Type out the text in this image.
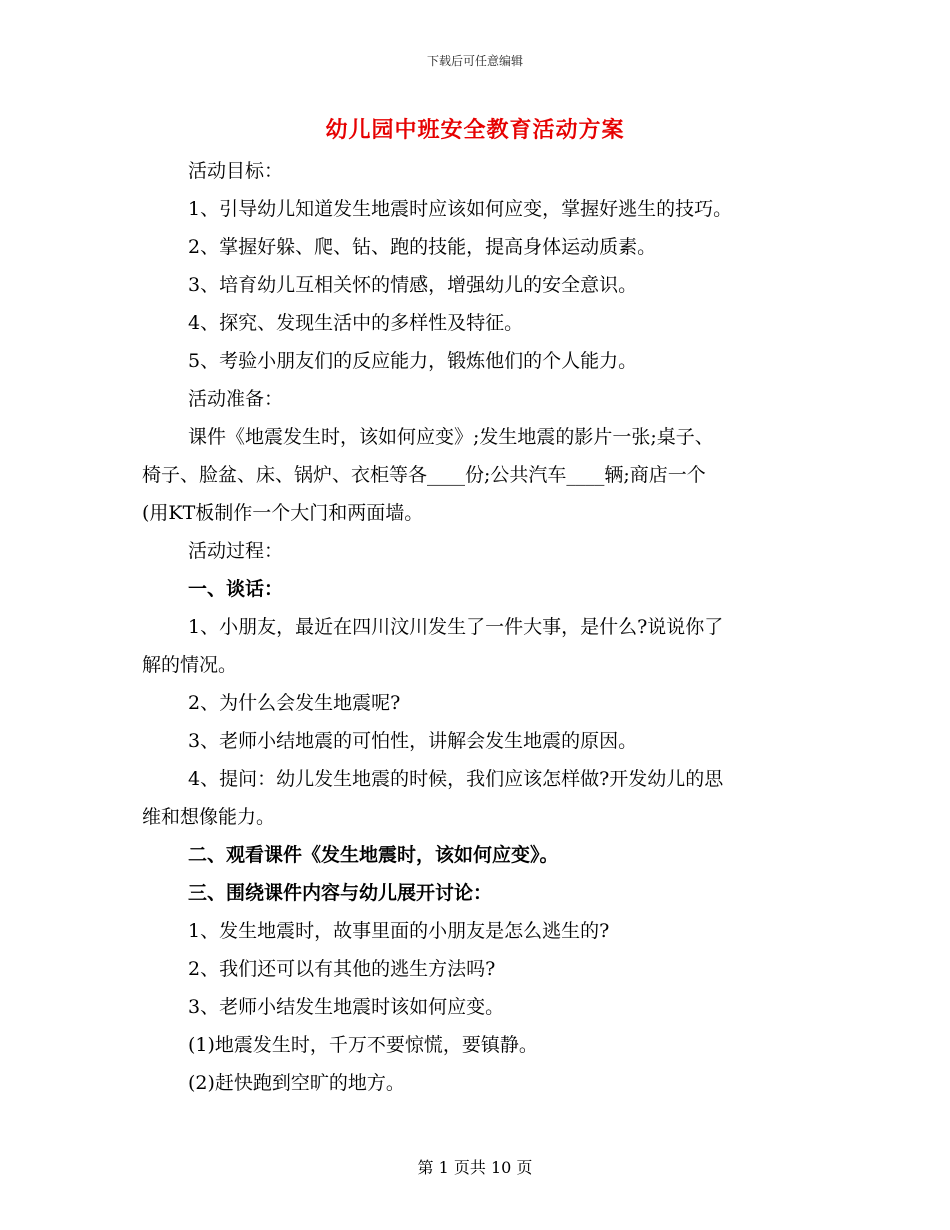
下载后可任意编辑
幼儿园中班安全教育活动方案

活动目标：

1、引导幼儿知道发生地震时应该如何应变，掌握好逃生的技巧。

2、掌握好躲、爬、钻、跑的技能，提高身体运动质素。

3、培育幼儿互相关怀的情感，增强幼儿的安全意识。

4、探究、发现生活中的多样性及特征。

5、考验小朋友们的反应能力，锻炼他们的个人能力。

活动准备：

课件《地震发生时，该如何应变》;发生地震的影片一张;桌子、

椅子、脸盆、床、锅炉、衣柜等各____份;公共汽车____辆;商店一个

(用KT板制作一个大门和两面墙。

活动过程：

一、谈话：

1、小朋友，最近在四川汶川发生了一件大事，是什么?说说你了

解的情况。

2、为什么会发生地震呢?

3、老师小结地震的可怕性，讲解会发生地震的原因。

4、提问：幼儿发生地震的时候，我们应该怎样做?开发幼儿的思

维和想像能力。

二、观看课件《发生地震时，该如何应变》。

三、围绕课件内容与幼儿展开讨论：

1、发生地震时，故事里面的小朋友是怎么逃生的?

2、我们还可以有其他的逃生方法吗?

3、老师小结发生地震时该如何应变。

(1)地震发生时，千万不要惊慌，要镇静。

(2)赶快跑到空旷的地方。

第 1 页共 10 页
